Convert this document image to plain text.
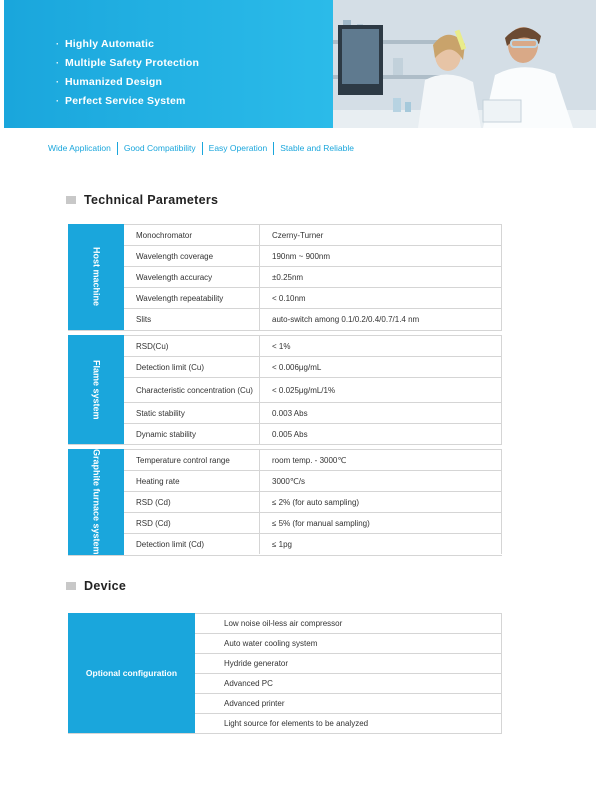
· Highly Automatic
· Multiple Safety Protection
· Humanized Design
· Perfect Service System
Wide Application	Good Compatibility	Easy Operation	Stable and Reliable
Technical Parameters
Host machine
Monochromator	Czerny-Turner
Wavelength coverage	190nm ~ 900nm
Wavelength accuracy	±0.25nm
Wavelength repeatability	< 0.10nm
Slits	auto-switch among 0.1/0.2/0.4/0.7/1.4 nm
Flame system
RSD(Cu)	< 1%
Detection limit (Cu)	< 0.006μg/mL
Characteristic concentration (Cu)	< 0.025μg/mL/1%
Static stability	0.003 Abs
Dynamic stability	0.005 Abs
Graphite furnace system	Temperature control range	room temp. - 3000℃
Heating rate	3000℃/s
RSD (Cd)	≤ 2% (for auto sampling)
RSD (Cd)	≤ 5% (for manual sampling)
Detection limit (Cd)	≤ 1pg
Device
Optional configuration
Low noise oil-less air compressor
Auto water cooling system
Hydride generator
Advanced PC
Advanced printer
Light source for elements to be analyzed
